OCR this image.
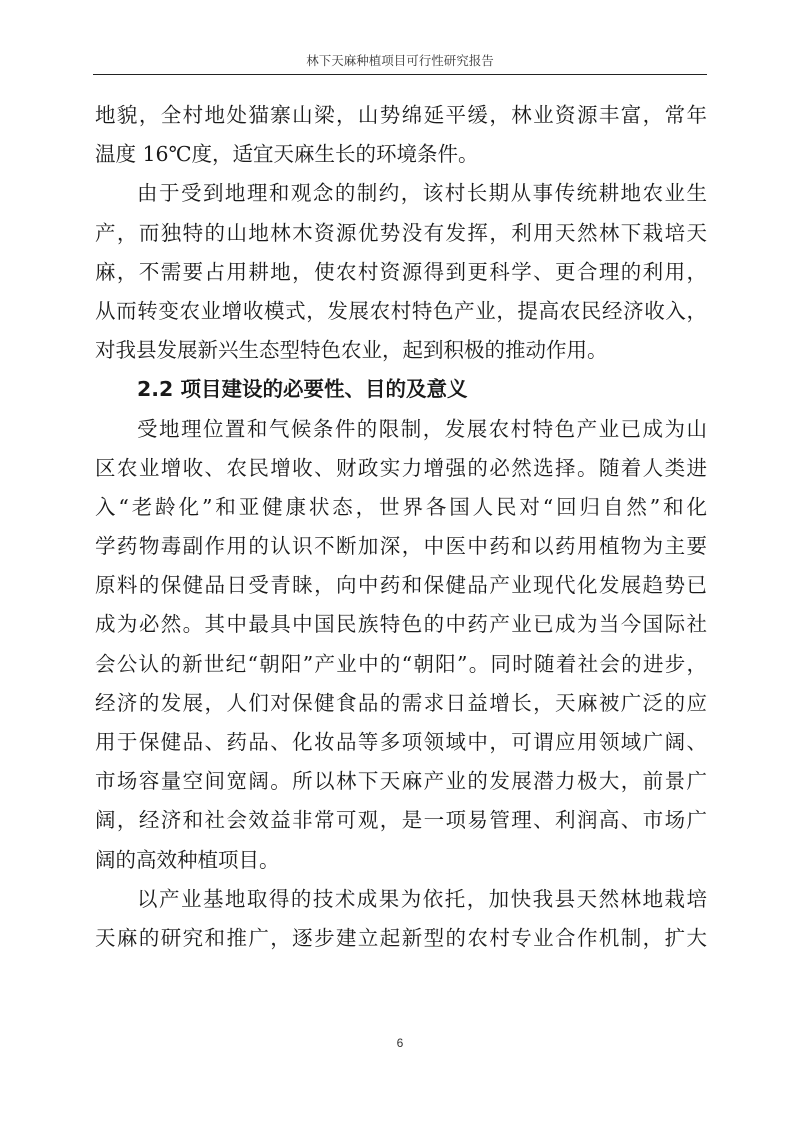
林下天麻种植项目可行性研究报告
地貌，全村地处猫寨山梁，山势绵延平缓，林业资源丰富，常年
温度 16℃度，适宜天麻生长的环境条件。
由于受到地理和观念的制约，该村长期从事传统耕地农业生
产，而独特的山地林木资源优势没有发挥，利用天然林下栽培天
麻，不需要占用耕地，使农村资源得到更科学、更合理的利用，
从而转变农业增收模式，发展农村特色产业，提高农民经济收入，
对我县发展新兴生态型特色农业，起到积极的推动作用。
2.2 项目建设的必要性、目的及意义
受地理位置和气候条件的限制，发展农村特色产业已成为山
区农业增收、农民增收、财政实力增强的必然选择。随着人类进
入“老龄化”和亚健康状态，世界各国人民对“回归自然”和化
学药物毒副作用的认识不断加深，中医中药和以药用植物为主要
原料的保健品日受青睐，向中药和保健品产业现代化发展趋势已
成为必然。其中最具中国民族特色的中药产业已成为当今国际社
会公认的新世纪“朝阳”产业中的“朝阳”。同时随着社会的进步，
经济的发展，人们对保健食品的需求日益增长，天麻被广泛的应
用于保健品、药品、化妆品等多项领域中，可谓应用领域广阔、
市场容量空间宽阔。所以林下天麻产业的发展潜力极大，前景广
阔，经济和社会效益非常可观，是一项易管理、利润高、市场广
阔的高效种植项目。
以产业基地取得的技术成果为依托，加快我县天然林地栽培
天麻的研究和推广，逐步建立起新型的农村专业合作机制，扩大
6
